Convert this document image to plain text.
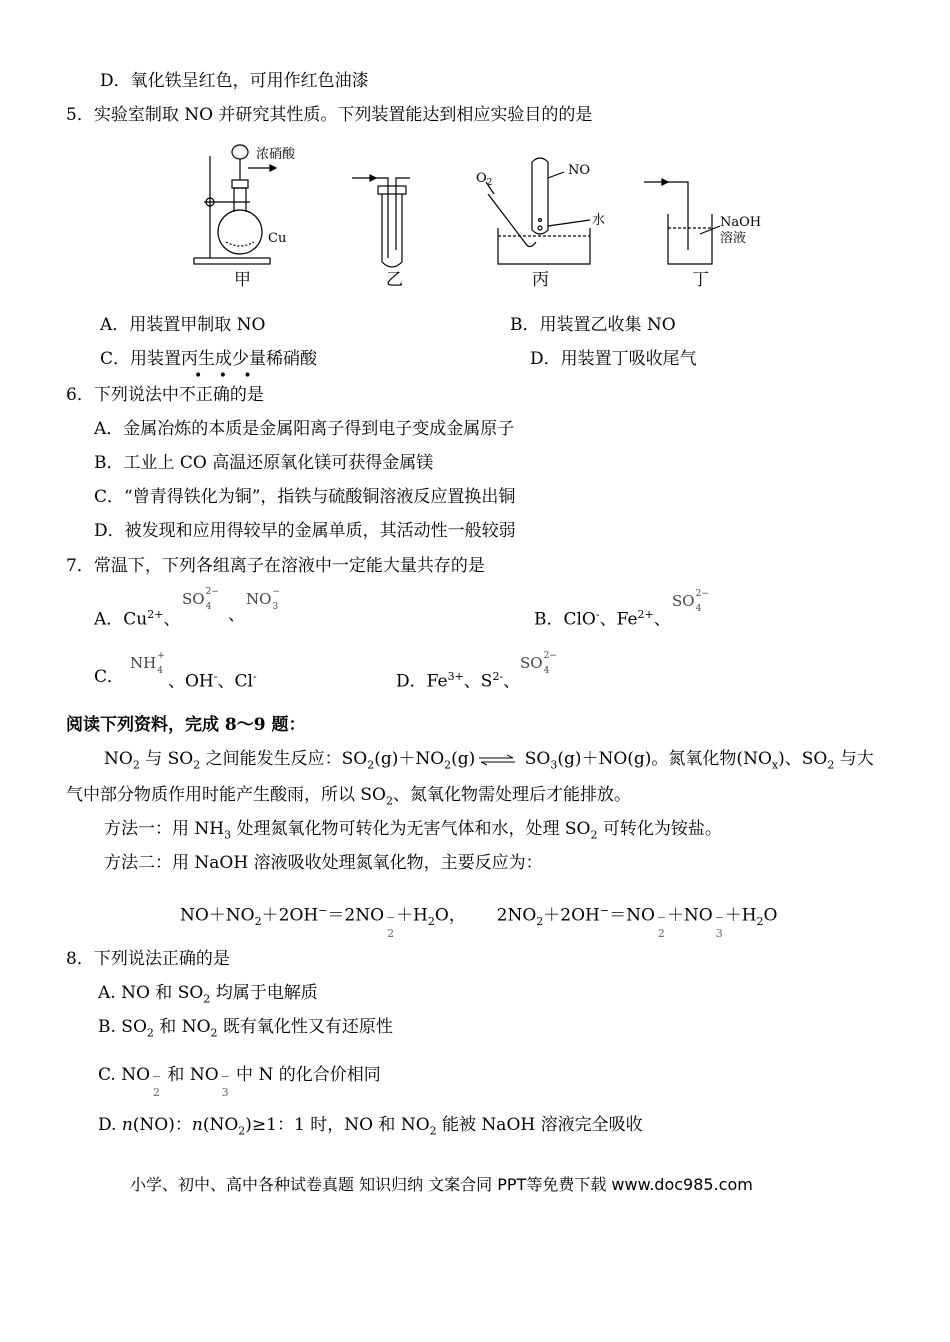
D．氧化铁呈红色，可用作红色油漆
5．实验室制取 NO 并研究其性质。下列装置能达到相应实验目的的是
浓硝酸
Cu
$O_2$
NO
水	NaOH
溶液
甲	乙	丙	丁
A．用装置甲制取 NO	B．用装置乙收集 NO
C．用装置丙生成少量稀硝酸	D．用装置丁吸收尾气
• • •
6．下列说法中不正确的是
A．金属冶炼的本质是金属阳离子得到电子变成金属原子
B．工业上 CO 高温还原氧化镁可获得金属镁
C．“曾青得铁化为铜”，指铁与硫酸铜溶液反应置换出铜
D．被发现和应用得较早的金属单质，其活动性一般较弱
7．常温下，下列各组离子在溶液中一定能大量共存的是
A．$Cu^{2+}$、
SO 2−
4 、
NO −
3
B．ClO-、$Fe^{2+}$、
SO 2−
4
C．
NH +
4
、OH-、Cl-	D．$Fe^{3+}$、$S^{2-}$、
SO 2−
4
阅读下列资料，完成 8～9 题：
$NO_2$ 与 $SO_2$ 之间能发生反应：$SO_2(g)+NO_2(g)$ ⇌ $SO_3(g)+NO(g)$。氮氧化物$(NO_x)$、$SO_2$ 与大
气中部分物质作用时能产生酸雨，所以 $SO_2$、氮氧化物需处理后才能排放。
方法一：用 $NH_3$ 处理氮氧化物可转化为无害气体和水，处理 $SO_2$ 可转化为铵盐。
方法二：用 NaOH 溶液吸收处理氮氧化物，主要反应为：
$NO+NO_2+2OH^-=2NO$ −
2
$+H_2O$， $2NO_2+2OH^-=NO$ −
2
＋NO −
3
$+H_2O$
8．下列说法正确的是
A. NO 和 $SO_2$ 均属于电解质
B. $SO_2$ 和 $NO_2$ 既有氧化性又有还原性
C. NO −
2
和 NO −
3
中 N 的化合价相同
D. n(NO)：$n(NO_2)\ge 1$：1 时，NO 和 $NO_2$ 能被 NaOH 溶液完全吸收
小学、初中、高中各种试卷真题 知识归纳 文案合同 PPT等免费下载 www.doc985.com
